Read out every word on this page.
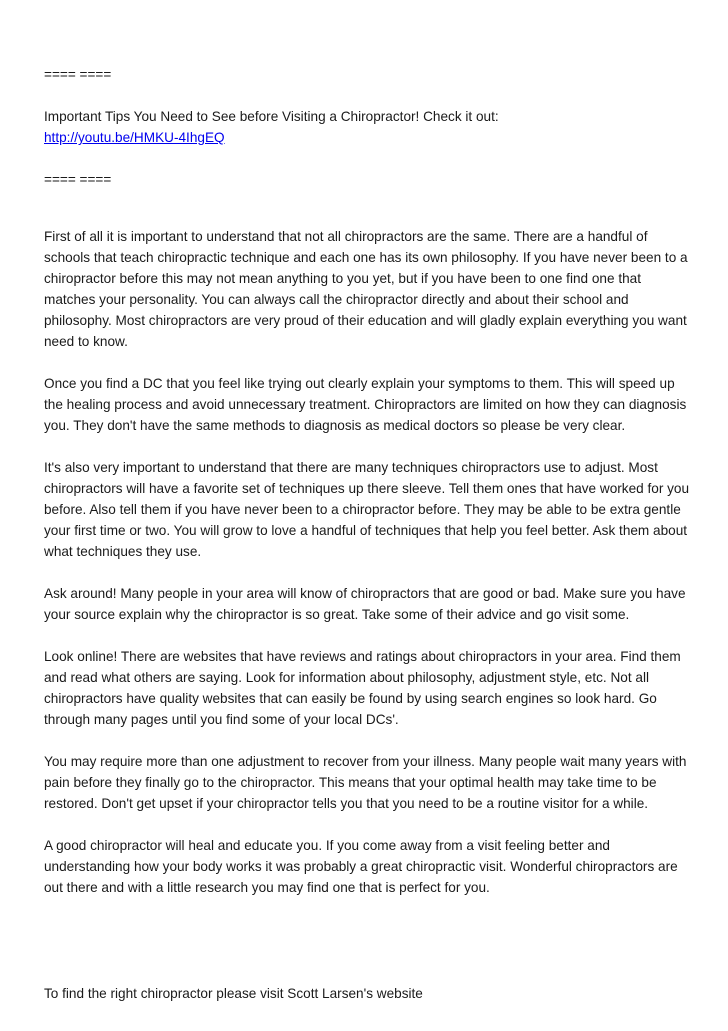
==== ====

Important Tips You Need to See before Visiting a Chiropractor! Check it out:

http://youtu.be/HMKU-4IhgEQ

==== ====

First of all it is important to understand that not all chiropractors are the same. There are a handful of schools that teach chiropractic technique and each one has its own philosophy. If you have never been to a chiropractor before this may not mean anything to you yet, but if you have been to one find one that matches your personality. You can always call the chiropractor directly and about their school and philosophy. Most chiropractors are very proud of their education and will gladly explain everything you want need to know.

Once you find a DC that you feel like trying out clearly explain your symptoms to them. This will speed up the healing process and avoid unnecessary treatment. Chiropractors are limited on how they can diagnosis you. They don't have the same methods to diagnosis as medical doctors so please be very clear.

It's also very important to understand that there are many techniques chiropractors use to adjust. Most chiropractors will have a favorite set of techniques up there sleeve. Tell them ones that have worked for you before. Also tell them if you have never been to a chiropractor before. They may be able to be extra gentle your first time or two. You will grow to love a handful of techniques that help you feel better. Ask them about what techniques they use.

Ask around! Many people in your area will know of chiropractors that are good or bad. Make sure you have your source explain why the chiropractor is so great. Take some of their advice and go visit some.

Look online! There are websites that have reviews and ratings about chiropractors in your area. Find them and read what others are saying. Look for information about philosophy, adjustment style, etc. Not all chiropractors have quality websites that can easily be found by using search engines so look hard. Go through many pages until you find some of your local DCs'.

You may require more than one adjustment to recover from your illness. Many people wait many years with pain before they finally go to the chiropractor. This means that your optimal health may take time to be restored. Don't get upset if your chiropractor tells you that you need to be a routine visitor for a while.

A good chiropractor will heal and educate you. If you come away from a visit feeling better and understanding how your body works it was probably a great chiropractic visit. Wonderful chiropractors are out there and with a little research you may find one that is perfect for you.

To find the right chiropractor please visit Scott Larsen's website
